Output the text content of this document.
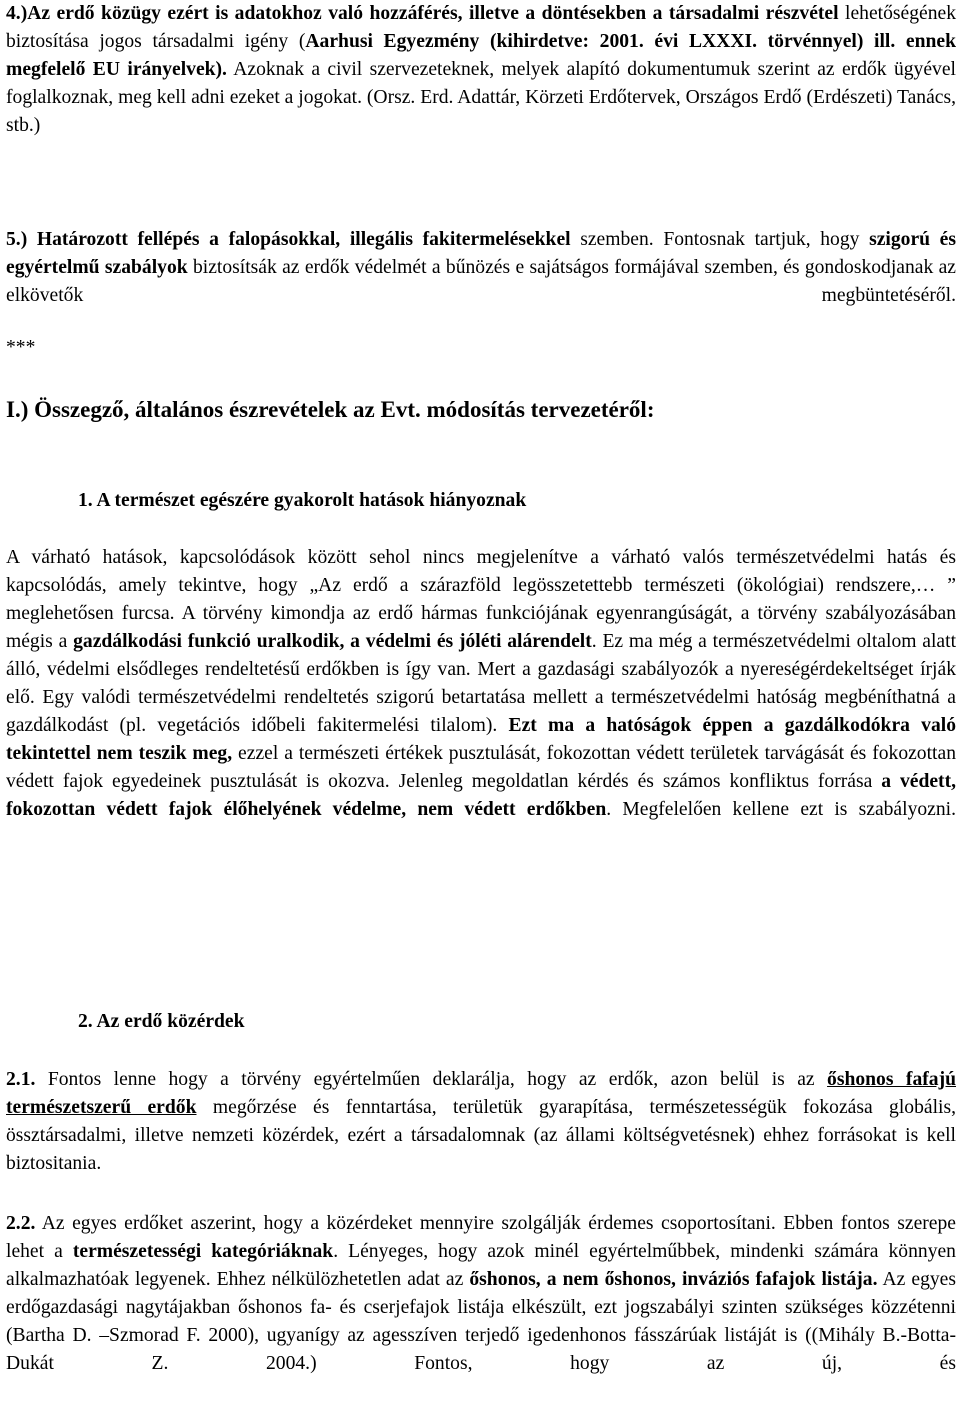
4.)Az erdő közügy ezért is adatokhoz való hozzáférés, illetve a döntésekben a társadalmi részvétel lehetőségének biztosítása jogos társadalmi igény (Aarhusi Egyezmény (kihirdetve: 2001. évi LXXXI. törvénnyel) ill. ennek megfelelő EU irányelvek). Azoknak a civil szervezeteknek, melyek alapító dokumentumuk szerint az erdők ügyével foglalkoznak, meg kell adni ezeket a jogokat. (Orsz. Erd. Adattár, Körzeti Erdőtervek, Országos Erdő (Erdészeti) Tanács, stb.)

5.) Határozott fellépés a falopásokkal, illegális fakitermelésekkel szemben. Fontosnak tartjuk, hogy szigorú és egyértelmű szabályok biztosítsák az erdők védelmét a bűnözés e sajátságos formájával szemben, és gondoskodjanak az elkövetők megbüntetéséről.

***
I.) Összegző, általános észrevételek az Evt. módosítás tervezetéről:
1. A természet egészére gyakorolt hatások hiányoznak

A várható hatások, kapcsolódások között sehol nincs megjelenítve a várható valós természetvédelmi hatás és kapcsolódás, amely tekintve, hogy „Az erdő a szárazföld legösszetettebb természeti (ökológiai) rendszere,… ” meglehetősen furcsa. A törvény kimondja az erdő hármas funkciójának egyenrangúságát, a törvény szabályozásában mégis a gazdálkodási funkció uralkodik, a védelmi és jóléti alárendelt. Ez ma még a természetvédelmi oltalom alatt álló, védelmi elsődleges rendeltetésű erdőkben is így van. Mert a gazdasági szabályozók a nyereségérdekeltséget írják elő. Egy valódi természetvédelmi rendeltetés szigorú betartatása mellett a természetvédelmi hatóság megbéníthatná a gazdálkodást (pl. vegetációs időbeli fakitermelési tilalom). Ezt ma a hatóságok éppen a gazdálkodókra való tekintettel nem teszik meg, ezzel a természeti értékek pusztulását, fokozottan védett területek tarvágását és fokozottan védett fajok egyedeinek pusztulását is okozva. Jelenleg megoldatlan kérdés és számos konfliktus forrása a védett, fokozottan védett fajok élőhelyének védelme, nem védett erdőkben. Megfelelően kellene ezt is szabályozni.

2. Az erdő közérdek

2.1. Fontos lenne hogy a törvény egyértelműen deklarálja, hogy az erdők, azon belül is az őshonos fafajú természetszerű erdők megőrzése és fenntartása, területük gyarapítása, természetességük fokozása globális, össztársadalmi, illetve nemzeti közérdek, ezért a társadalomnak (az állami költségvetésnek) ehhez forrásokat is kell biztositania.

2.2. Az egyes erdőket aszerint, hogy a közérdeket mennyire szolgálják érdemes csoportosítani. Ebben fontos szerepe lehet a természetességi kategóriáknak. Lényeges, hogy azok minél egyértelműbbek, mindenki számára könnyen alkalmazhatóak legyenek. Ehhez nélkülözhetetlen adat az őshonos, a nem őshonos, inváziós fafajok listája. Az egyes erdőgazdasági nagytájakban őshonos fa- és cserjefajok listája elkészült, ezt jogszabályi szinten szükséges közzétenni (Bartha D. –Szmorad F. 2000), ugyanígy az agesszíven terjedő igedenhonos fásszárúak listáját is ((Mihály B.-Botta-Dukát Z. 2004.) Fontos, hogy az új, és
